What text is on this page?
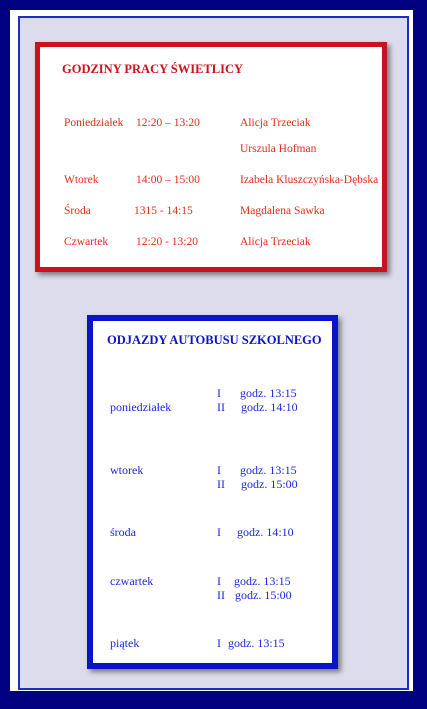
GODZINY PRACY ŚWIETLICY
Poniedziałek 12:20 – 13:20	Alicja Trzeciak
Urszula Hofman
Wtorek	14:00 – 15:00	Izabela Kluszczyńska-Dębska
Środa	1315 - 14:15	Magdalena Sawka
Czwartek 12:20 - 13:20	Alicja Trzeciak
ODJAZDY AUTOBUSU SZKOLNEGO
poniedziałek
I godz. 13:15
II godz. 14:10
wtorek	I godz. 13:15
II godz. 15:00
środa	I godz. 14:10
czwartek	I godz. 13:15
II godz. 15:00
piątek	I godz. 13:15
